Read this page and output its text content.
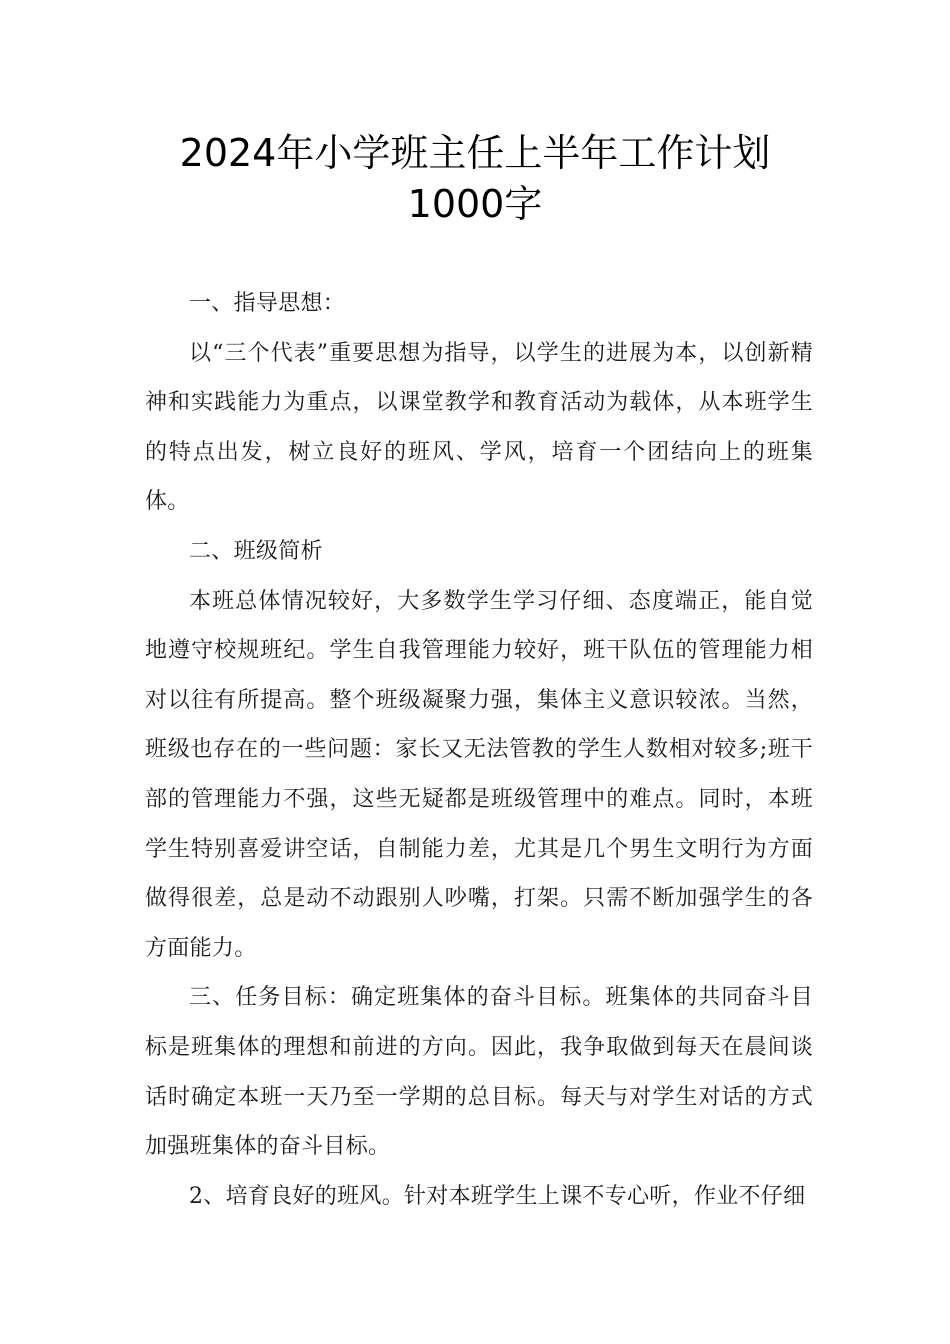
2024年小学班主任上半年工作计划
1000字

一、指导思想：

以“三个代表”重要思想为指导，以学生的进展为本，以创新精神和实践能力为重点，以课堂教学和教育活动为载体，从本班学生的特点出发，树立良好的班风、学风，培育一个团结向上的班集体。

二、班级简析

本班总体情况较好，大多数学生学习仔细、态度端正，能自觉地遵守校规班纪。学生自我管理能力较好，班干队伍的管理能力相对以往有所提高。整个班级凝聚力强，集体主义意识较浓。当然，班级也存在的一些问题：家长又无法管教的学生人数相对较多;班干部的管理能力不强，这些无疑都是班级管理中的难点。同时，本班学生特别喜爱讲空话，自制能力差，尤其是几个男生文明行为方面做得很差，总是动不动跟别人吵嘴，打架。只需不断加强学生的各方面能力。

三、任务目标：确定班集体的奋斗目标。班集体的共同奋斗目标是班集体的理想和前进的方向。因此，我争取做到每天在晨间谈话时确定本班一天乃至一学期的总目标。每天与对学生对话的方式加强班集体的奋斗目标。

2、培育良好的班风。针对本班学生上课不专心听，作业不仔细
